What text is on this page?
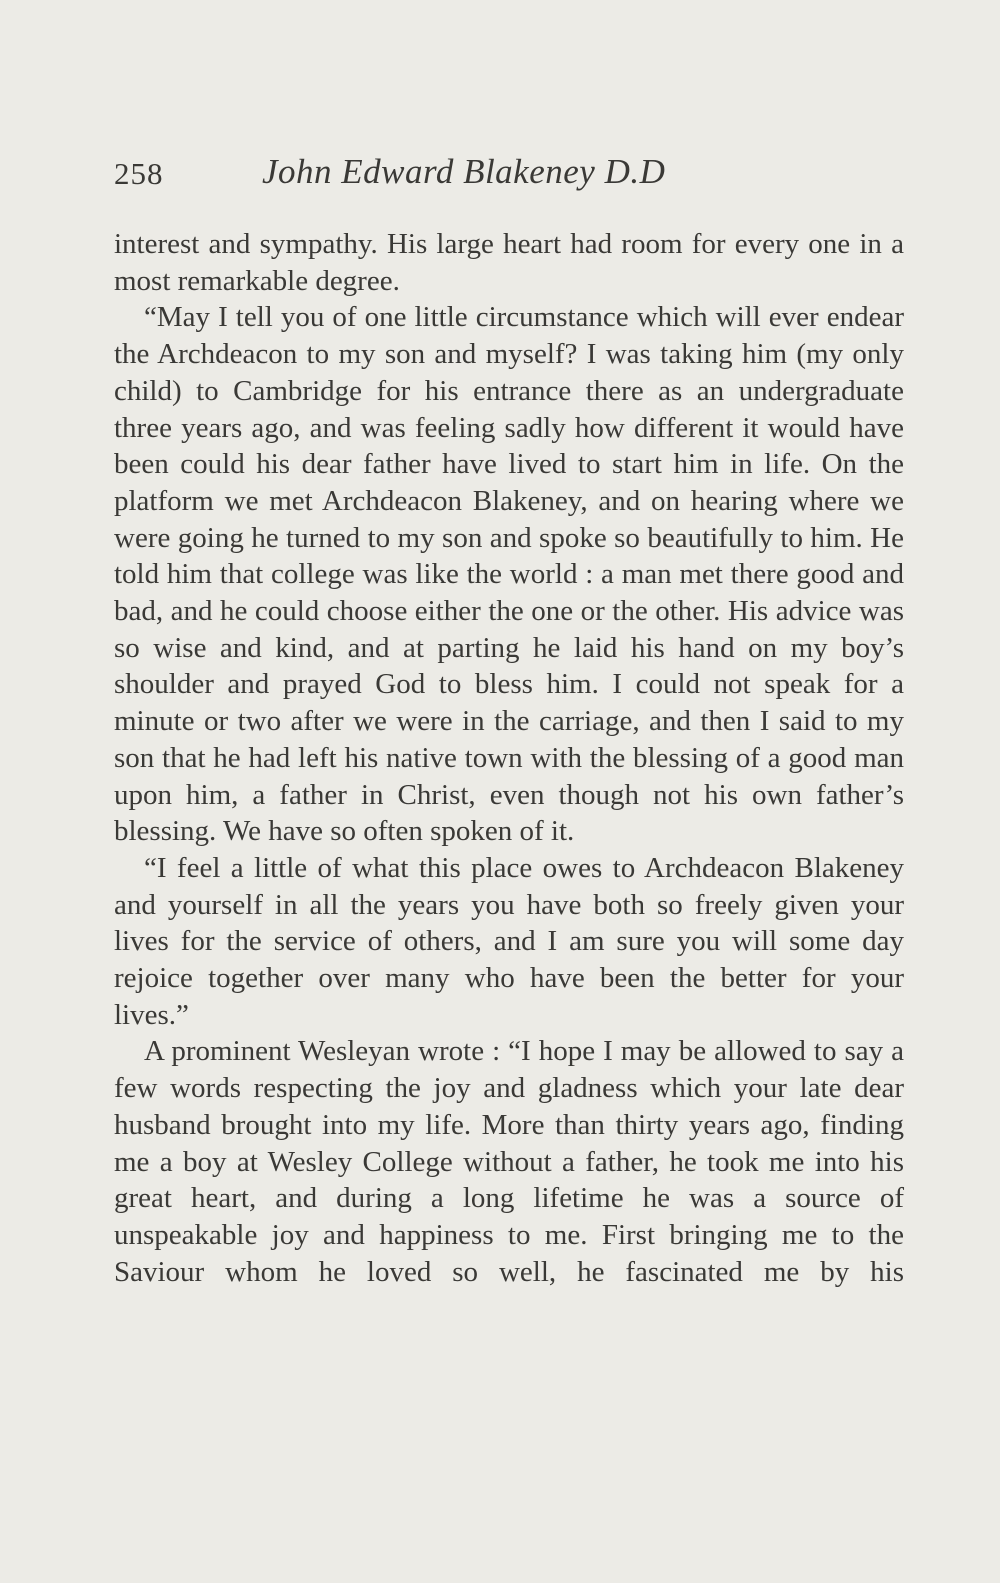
258	John Edward Blakeney D.D

interest and sympathy. His large heart had room for every one in a most remarkable degree.

“May I tell you of one little circumstance which will ever endear the Archdeacon to my son and myself? I was taking him (my only child) to Cambridge for his entrance there as an undergraduate three years ago, and was feeling sadly how different it would have been could his dear father have lived to start him in life. On the platform we met Archdeacon Blakeney, and on hearing where we were going he turned to my son and spoke so beautifully to him. He told him that college was like the world : a man met there good and bad, and he could choose either the one or the other. His advice was so wise and kind, and at parting he laid his hand on my boy’s shoulder and prayed God to bless him. I could not speak for a minute or two after we were in the carriage, and then I said to my son that he had left his native town with the blessing of a good man upon him, a father in Christ, even though not his own father’s blessing. We have so often spoken of it.

“I feel a little of what this place owes to Archdeacon Blakeney and yourself in all the years you have both so freely given your lives for the service of others, and I am sure you will some day rejoice together over many who have been the better for your lives.”

A prominent Wesleyan wrote : “I hope I may be allowed to say a few words respecting the joy and gladness which your late dear husband brought into my life. More than thirty years ago, finding me a boy at Wesley College without a father, he took me into his great heart, and during a long lifetime he was a source of unspeakable joy and happiness to me. First bringing me to the Saviour whom he loved so well, he fascinated me by his
